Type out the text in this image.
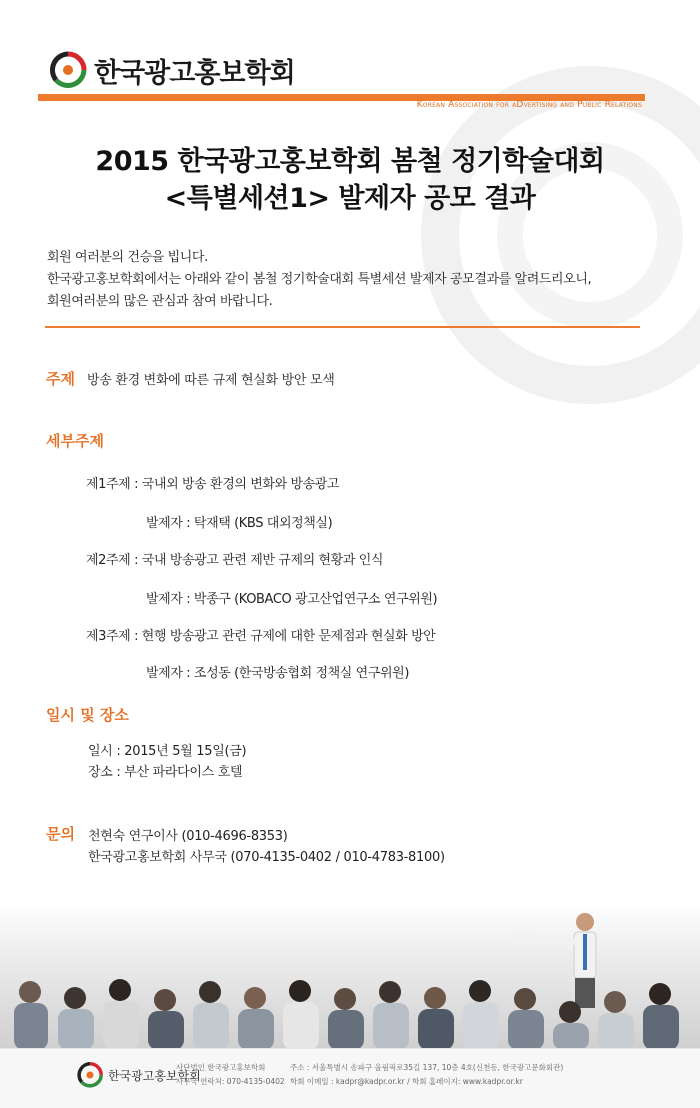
한국광고홍보학회
Korean Association for aDvertising and Public Relations
2015 한국광고홍보학회 봄철 정기학술대회
<특별세션1> 발제자 공모 결과
회원 여러분의 건승을 빕니다.
한국광고홍보학회에서는 아래와 같이 봄철 정기학술대회 특별세션 발제자 공모결과를 알려드리오니,
회원여러분의 많은 관심과 참여 바랍니다.
주제 방송 환경 변화에 따른 규제 현실화 방안 모색
세부주제
제1주제 : 국내외 방송 환경의 변화와 방송광고
발제자 : 탁재택 (KBS 대외정책실)
제2주제 : 국내 방송광고 관련 제반 규제의 현황과 인식
발제자 : 박종구 (KOBACO 광고산업연구소 연구위원)
제3주제 : 현행 방송광고 관련 규제에 대한 문제점과 현실화 방안
발제자 : 조성동 (한국방송협회 정책실 연구위원)
일시 및 장소
일시 : 2015년 5월 15일(금)
장소 : 부산 파라다이스 호텔
문의 천현숙 연구이사 (010-4696-8353)
한국광고홍보학회 사무국 (070-4135-0402 / 010-4783-8100)
한국광고홍보학회
사단법인 한국광고홍보학회
사무국 연락처: 070-4135-0402
주소 : 서울특별시 송파구 올림픽로35길 137, 10층 4호(신천동, 한국광고문화회관)
학회 이메일 : kadpr@kadpr.or.kr / 학회 홈페이지: www.kadpr.or.kr
